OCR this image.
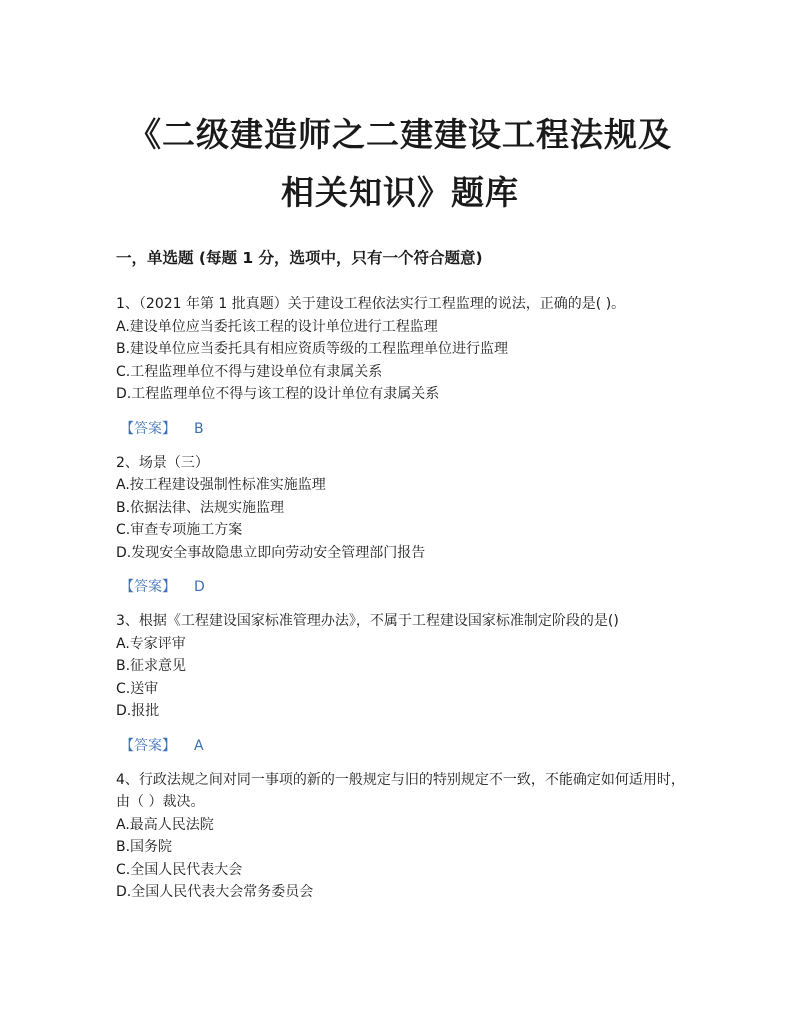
《二级建造师之二建建设工程法规及
相关知识》题库
一，单选题 (每题 1 分，选项中，只有一个符合题意)

1、（2021 年第 1 批真题）关于建设工程依法实行工程监理的说法，正确的是( )。

A.建设单位应当委托该工程的设计单位进行工程监理

B.建设单位应当委托具有相应资质等级的工程监理单位进行监理

C.工程监理单位不得与建设单位有隶属关系

D.工程监理单位不得与该工程的设计单位有隶属关系

【答案】 B

2、场景（三）

A.按工程建设强制性标准实施监理

B.依据法律、法规实施监理

C.审查专项施工方案

D.发现安全事故隐患立即向劳动安全管理部门报告

【答案】 D

3、根据《工程建设国家标准管理办法》，不属于工程建设国家标准制定阶段的是()

A.专家评审

B.征求意见

C.送审

D.报批

【答案】 A

4、行政法规之间对同一事项的新的一般规定与旧的特别规定不一致，不能确定如何适用时，由（ ）裁决。

A.最高人民法院

B.国务院

C.全国人民代表大会

D.全国人民代表大会常务委员会
